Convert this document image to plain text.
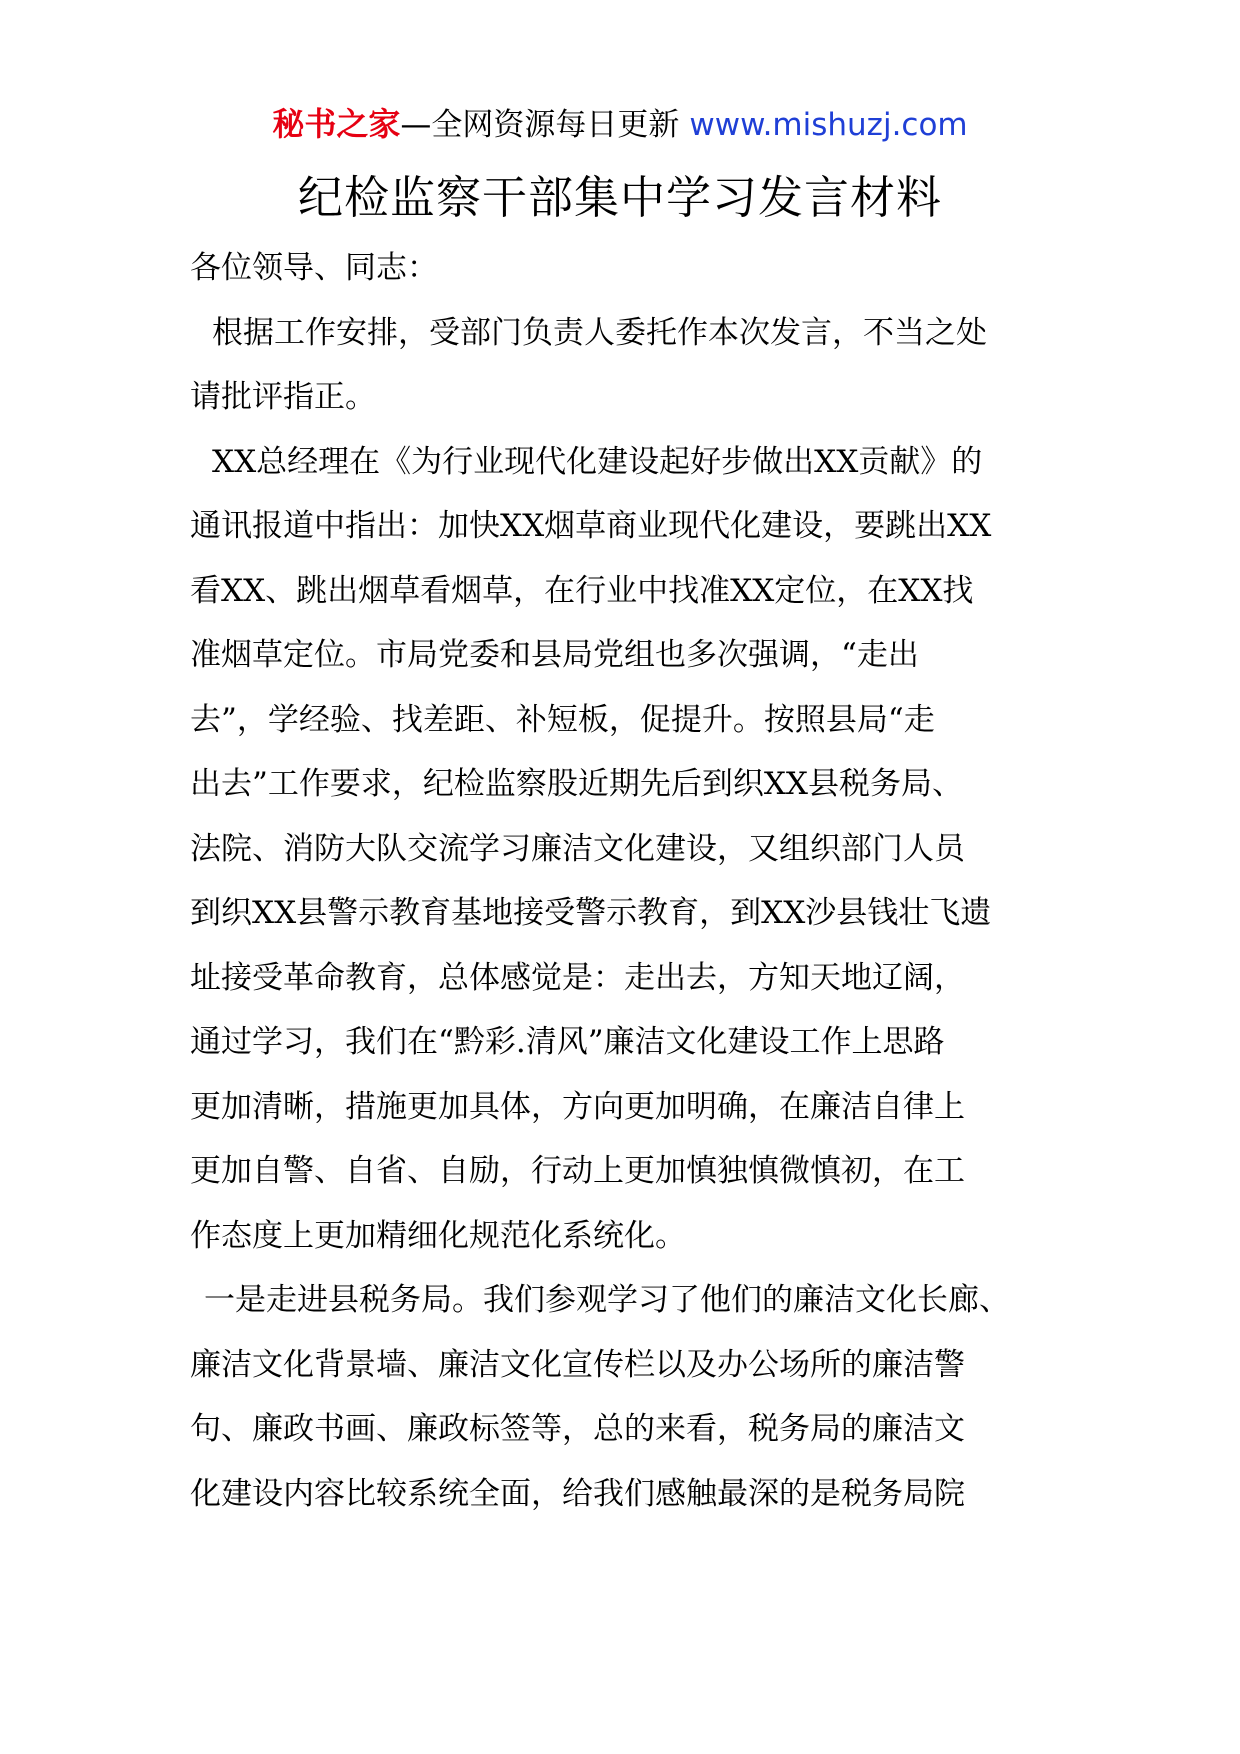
秘书之家—全网资源每日更新 www.mishuzj.com
纪检监察干部集中学习发言材料
各位领导、同志：
根据工作安排，受部门负责人委托作本次发言，不当之处
请批评指正。
XX总经理在《为行业现代化建设起好步做出XX贡献》的
通讯报道中指出：加快XX烟草商业现代化建设，要跳出XX
看XX、跳出烟草看烟草，在行业中找准XX定位，在XX找
准烟草定位。市局党委和县局党组也多次强调，“走出
去”，学经验、找差距、补短板，促提升。按照县局“走
出去”工作要求，纪检监察股近期先后到织XX县税务局、
法院、消防大队交流学习廉洁文化建设，又组织部门人员
到织XX县警示教育基地接受警示教育，到XX沙县钱壮飞遗
址接受革命教育，总体感觉是：走出去，方知天地辽阔，
通过学习，我们在“黔彩.清风”廉洁文化建设工作上思路
更加清晰，措施更加具体，方向更加明确，在廉洁自律上
更加自警、自省、自励，行动上更加慎独慎微慎初，在工
作态度上更加精细化规范化系统化。
一是走进县税务局。我们参观学习了他们的廉洁文化长廊、
廉洁文化背景墙、廉洁文化宣传栏以及办公场所的廉洁警
句、廉政书画、廉政标签等，总的来看，税务局的廉洁文
化建设内容比较系统全面，给我们感触最深的是税务局院
